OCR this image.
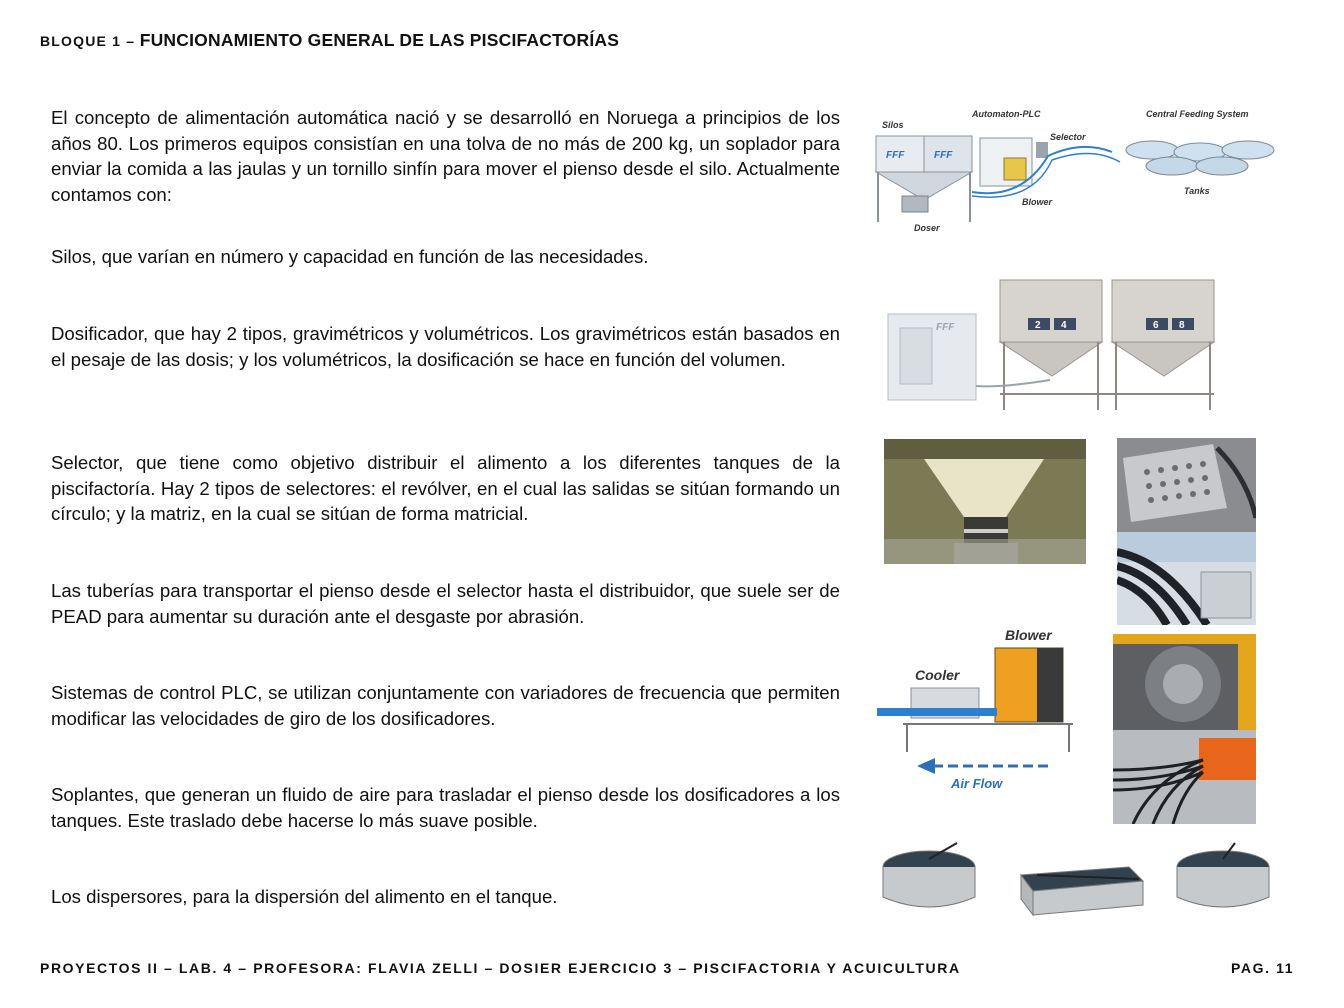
BLOQUE 1 – FUNCIONAMIENTO GENERAL DE LAS PISCIFACTORÍAS

El concepto de alimentación automática nació y se desarrolló en Noruega a principios de los años 80. Los primeros equipos consistían en una tolva de no más de 200 kg, un soplador para enviar la comida a las jaulas y un tornillo sinfín para mover el pienso desde el silo. Actualmente contamos con:

Silos, que varían en número y capacidad en función de las necesidades.

Dosificador, que hay 2 tipos, gravimétricos y volumétricos. Los gravimétricos están basados en el pesaje de las dosis; y los volumétricos, la dosificación se hace en función del volumen.

Selector, que tiene como objetivo distribuir el alimento a los diferentes tanques de la piscifactoría. Hay 2 tipos de selectores: el revólver, en el cual las salidas se sitúan formando un círculo; y la matriz, en la cual se sitúan de forma matricial.

Las tuberías para transportar el pienso desde el selector hasta el distribuidor, que suele ser de PEAD para aumentar su duración ante el desgaste por abrasión.

Sistemas de control PLC, se utilizan conjuntamente con variadores de frecuencia que permiten modificar las velocidades de giro de los dosificadores.

Soplantes, que generan un fluido de aire para trasladar el pienso desde los dosificadores a los tanques. Este traslado debe hacerse lo más suave posible.

Los dispersores, para la dispersión del alimento en el tanque.

FFF	FFF
Silos
Automaton-PLC	Central Feeding System
Selector
Blower
Tanks
Doser
FFF	2 4	6 8
Blower
Cooler
Air Flow
PROYECTOS II – LAB. 4 – PROFESORA: FLAVIA ZELLI – DOSIER EJERCICIO 3 – PISCIFACTORIA Y ACUICULTURA	PAG. 11
